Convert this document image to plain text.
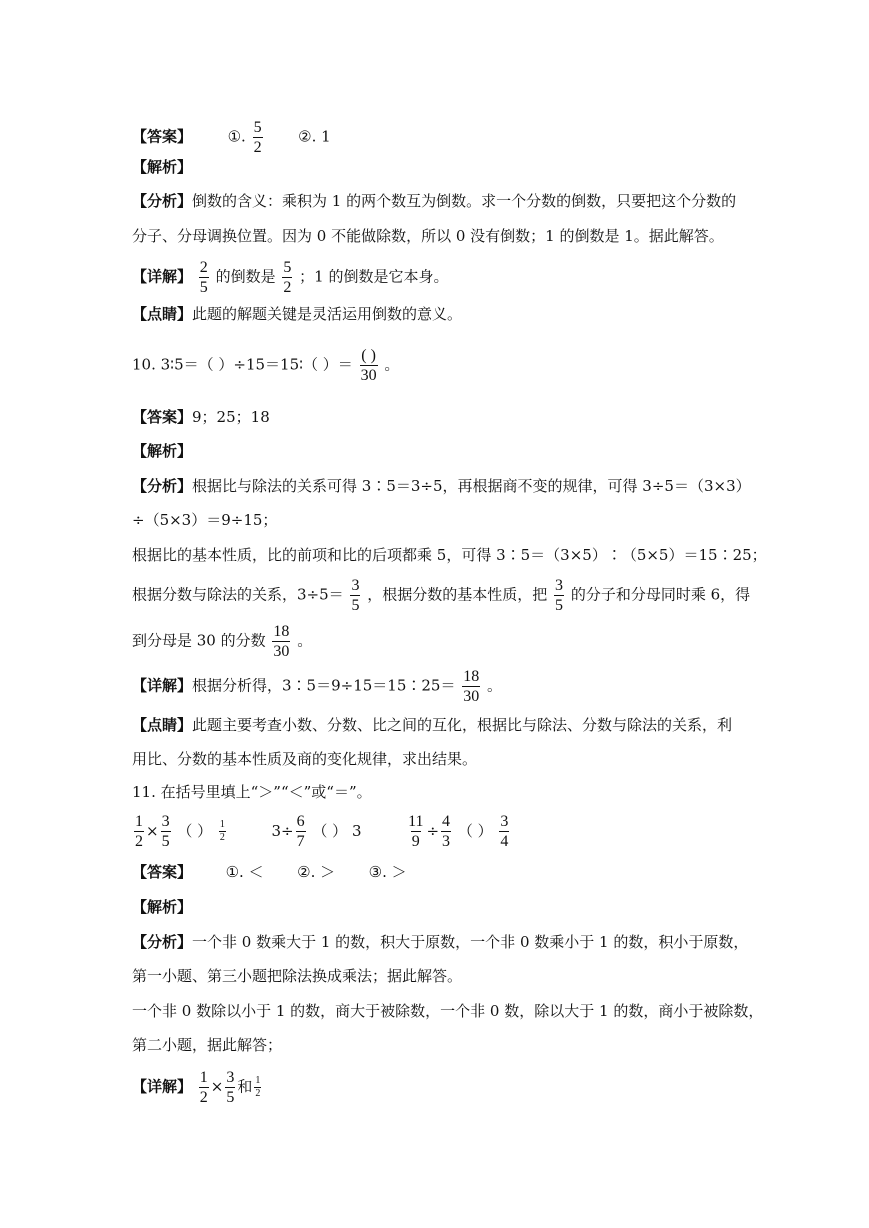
【答案】 ①. $\frac{5}{2}$ ②. 1
【解析】
【分析】倒数的含义：乘积为 1 的两个数互为倒数。求一个分数的倒数，只要把这个分数的
分子、分母调换位置。因为 0 不能做除数，所以 0 没有倒数；1 的倒数是 1。据此解答。
【详解】 $\frac{2}{5}$ 的倒数是 $\frac{5}{2}$ ；1 的倒数是它本身。
【点睛】此题的解题关键是灵活运用倒数的意义。
10. 3∶5＝（ ）÷15＝15∶（ ）＝ ( )
30
。
【答案】9；25；18
【解析】
【分析】根据比与除法的关系可得 3∶5＝3÷5，再根据商不变的规律，可得 3÷5＝（3×3）
÷（5×3）＝9÷15；
根据比的基本性质，比的前项和比的后项都乘 5，可得 3∶5＝（3×5）∶（5×5）＝15∶25；
根据分数与除法的关系，$3\div 5= \frac{3}{5}$ ，根据分数的基本性质，把 $\frac{3}{5}$ 的分子和分母同时乘 6，得
到分母是 30 的分数 $\frac{18}{30}$ 。
【详解】根据分析得，3∶5＝9÷15＝15∶25＝ $\frac{18}{30}$ 。
【点睛】此题主要考查小数、分数、比之间的互化，根据比与除法、分数与除法的关系，利
用比、分数的基本性质及商的变化规律，求出结果。
11. 在括号里填上“＞”“＜”或“＝”。
$\frac{1}{2} \times \frac{3}{5}$ （ ） $\frac{1}{2}$	$3\div \frac{6}{7}$ （ ） 3	$\frac{11}{9} \div \frac{4}{3}$ （ ） $\frac{3}{4}$
【答案】 ①. ＜ ②. ＞ ③. ＞
【解析】
【分析】一个非 0 数乘大于 1 的数，积大于原数，一个非 0 数乘小于 1 的数，积小于原数，
第一小题、第三小题把除法换成乘法；据此解答。
一个非 0 数除以小于 1 的数，商大于被除数，一个非 0 数，除以大于 1 的数，商小于被除数，
第二小题，据此解答；
【详解】 $\frac{1}{2} \times \frac{3}{5}$ 和 $\frac{1}{2}$
